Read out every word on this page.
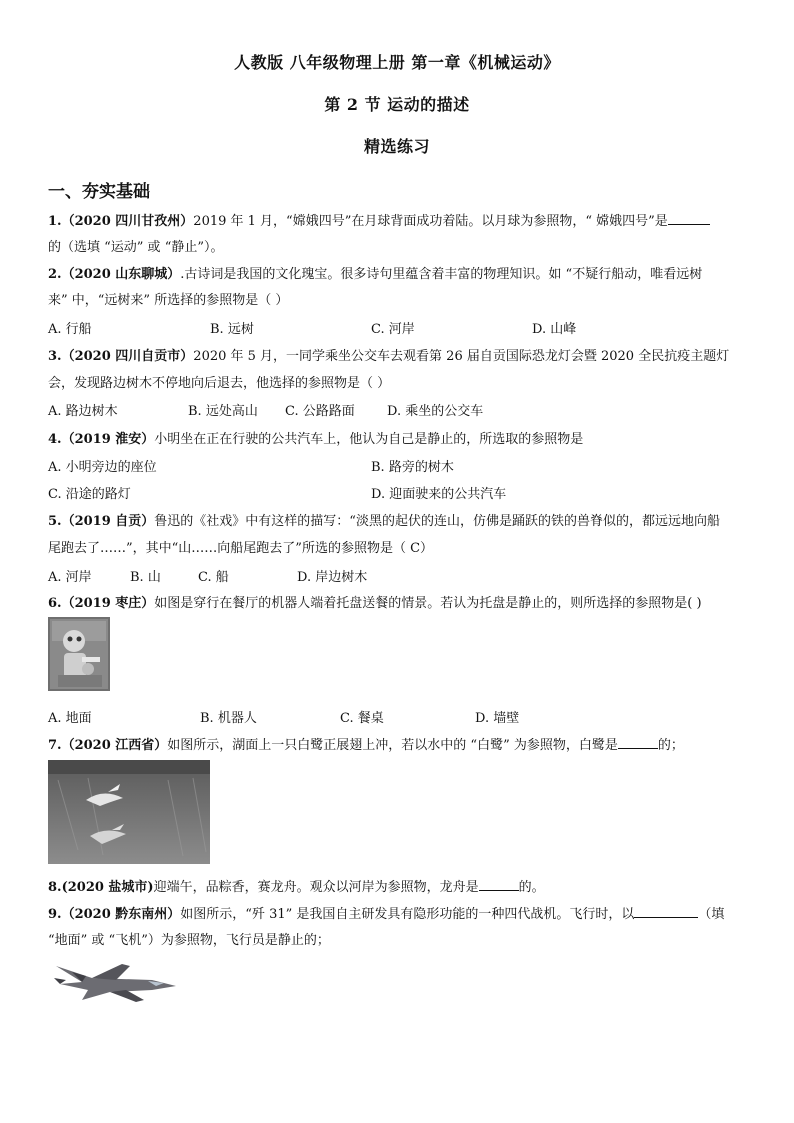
人教版 八年级物理上册 第一章《机械运动》
第 2 节 运动的描述
精选练习
一、夯实基础
1.（2020 四川甘孜州）2019 年 1 月，“嫦娥四号”在月球背面成功着陆。以月球为参照物，“ 嫦娥四号”是
的（选填 “运动” 或 “静止”）。
2.（2020 山东聊城）.古诗词是我国的文化瑰宝。很多诗句里蕴含着丰富的物理知识。如 “不疑行船动，唯看远树
来” 中，“远树来” 所选择的参照物是（ ）
A. 行船	B. 远树	C. 河岸	D. 山峰
3.（2020 四川自贡市）2020 年 5 月，一同学乘坐公交车去观看第 26 届自贡国际恐龙灯会暨 2020 全民抗疫主题灯
会，发现路边树木不停地向后退去，他选择的参照物是（ ）
A. 路边树木	B. 远处高山 C. 公路路面 D. 乘坐的公交车
4.（2019 淮安）小明坐在正在行驶的公共汽车上，他认为自己是静止的，所选取的参照物是
A. 小明旁边的座位	B. 路旁的树木
C. 沿途的路灯	D. 迎面驶来的公共汽车
5.（2019 自贡）鲁迅的《社戏》中有这样的描写：“淡黑的起伏的连山，仿佛是踊跃的铁的兽脊似的，都远远地向船
尾跑去了……”，其中“山……向船尾跑去了”所选的参照物是（ C）
A. 河岸	B. 山	C. 船	D. 岸边树木
6.（2019 枣庄）如图是穿行在餐厅的机器人端着托盘送餐的情景。若认为托盘是静止的，则所选择的参照物是( )
A. 地面	B. 机器人	C. 餐桌	D. 墙壁
7.（2020 江西省）如图所示，湖面上一只白鹭正展翅上冲，若以水中的 “白鹭” 为参照物，白鹭是	的；
8.(2020 盐城市)迎端午，品粽香，赛龙舟。观众以河岸为参照物，龙舟是	的。
9.（2020 黔东南州）如图所示，“歼 31” 是我国自主研发具有隐形功能的一种四代战机。飞行时，以	（填
“地面” 或 “飞机”）为参照物，飞行员是静止的；
